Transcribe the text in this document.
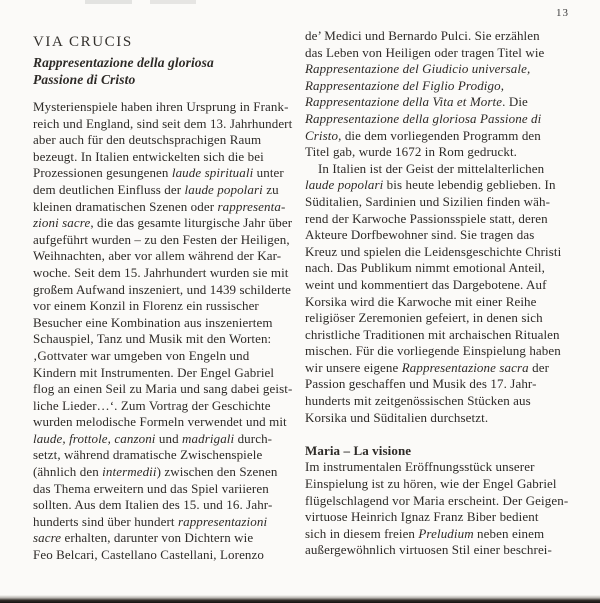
13
VIA CRUCIS
Rappresentazione della gloriosa
Passione di Cristo
Mysterienspiele haben ihren Ursprung in Frank-
reich und England, sind seit dem 13. Jahrhundert
aber auch für den deutschsprachigen Raum
bezeugt. In Italien entwickelten sich die bei
Prozessionen gesungenen laude spirituali unter
dem deutlichen Einfluss der laude popolari zu
kleinen dramatischen Szenen oder rappresenta-
zioni sacre, die das gesamte liturgische Jahr über
aufgeführt wurden – zu den Festen der Heiligen,
Weihnachten, aber vor allem während der Kar-
woche. Seit dem 15. Jahrhundert wurden sie mit
großem Aufwand inszeniert, und 1439 schilderte
vor einem Konzil in Florenz ein russischer
Besucher eine Kombination aus inszeniertem
Schauspiel, Tanz und Musik mit den Worten:
‚Gottvater war umgeben von Engeln und
Kindern mit Instrumenten. Der Engel Gabriel
flog an einen Seil zu Maria und sang dabei geist-
liche Lieder…‘. Zum Vortrag der Geschichte
wurden melodische Formeln verwendet und mit
laude, frottole, canzoni und madrigali durch-
setzt, während dramatische Zwischenspiele
(ähnlich den intermedii) zwischen den Szenen
das Thema erweitern und das Spiel variieren
sollten. Aus dem Italien des 15. und 16. Jahr-
hunderts sind über hundert rappresentazioni
sacre erhalten, darunter von Dichtern wie
Feo Belcari, Castellano Castellani, Lorenzo
de’ Medici und Bernardo Pulci. Sie erzählen
das Leben von Heiligen oder tragen Titel wie
Rappresentazione del Giudicio universale,
Rappresentazione del Figlio Prodigo,
Rappresentazione della Vita et Morte. Die
Rappresentazione della gloriosa Passione di
Cristo, die dem vorliegenden Programm den
Titel gab, wurde 1672 in Rom gedruckt.
In Italien ist der Geist der mittelalterlichen
laude popolari bis heute lebendig geblieben. In
Süditalien, Sardinien und Sizilien finden wäh-
rend der Karwoche Passionsspiele statt, deren
Akteure Dorfbewohner sind. Sie tragen das
Kreuz und spielen die Leidensgeschichte Christi
nach. Das Publikum nimmt emotional Anteil,
weint und kommentiert das Dargebotene. Auf
Korsika wird die Karwoche mit einer Reihe
religiöser Zeremonien gefeiert, in denen sich
christliche Traditionen mit archaischen Ritualen
mischen. Für die vorliegende Einspielung haben
wir unsere eigene Rappresentazione sacra der
Passion geschaffen und Musik des 17. Jahr-
hunderts mit zeitgenössischen Stücken aus
Korsika und Süditalien durchsetzt.

Maria – La visione
Im instrumentalen Eröffnungsstück unserer
Einspielung ist zu hören, wie der Engel Gabriel
flügelschlagend vor Maria erscheint. Der Geigen-
virtuose Heinrich Ignaz Franz Biber bedient
sich in diesem freien Preludium neben einem
außergewöhnlich virtuosen Stil einer beschrei-
